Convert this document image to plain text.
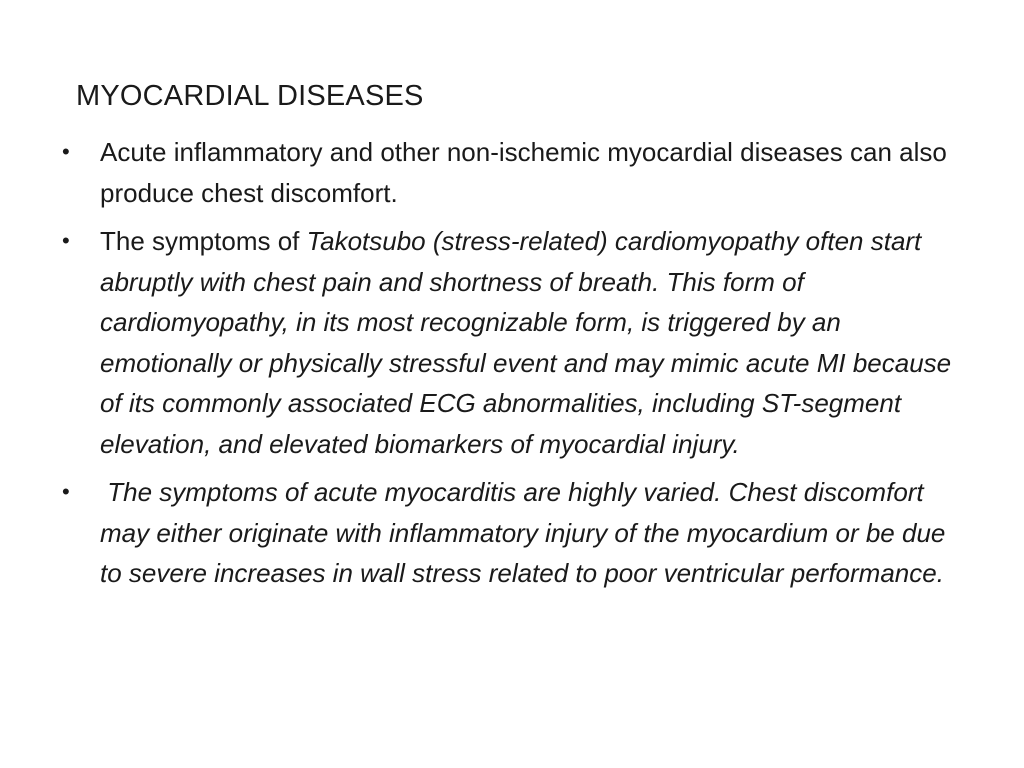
MYOCARDIAL DISEASES
• Acute inflammatory and other non-ischemic myocardial diseases can also produce chest discomfort.
• The symptoms of Takotsubo (stress-related) cardiomyopathy often start abruptly with chest pain and shortness of breath. This form of cardiomyopathy, in its most recognizable form, is triggered by an emotionally or physically stressful event and may mimic acute MI because of its commonly associated ECG abnormalities, including ST-segment elevation, and elevated biomarkers of myocardial injury.
• The symptoms of acute myocarditis are highly varied. Chest discomfort may either originate with inflammatory injury of the myocardium or be due to severe increases in wall stress related to poor ventricular performance.
